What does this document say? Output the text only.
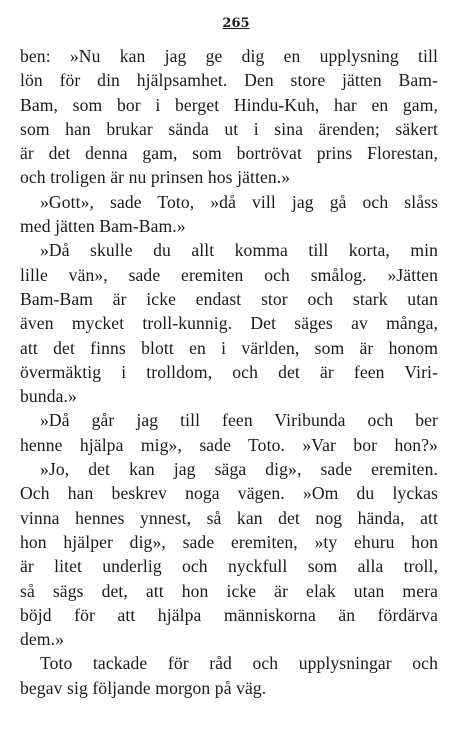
265
ben: »Nu kan jag ge dig en upplysning till
lön för din hjälpsamhet. Den store jätten Bam-
Bam, som bor i berget Hindu-Kuh, har en gam,
som han brukar sända ut i sina ärenden; säkert
är det denna gam, som bortrövat prins Florestan,
och troligen är nu prinsen hos jätten.»
»Gott», sade Toto, »då vill jag gå och slåss
med jätten Bam-Bam.»
»Då skulle du allt komma till korta, min
lille vän», sade eremiten och smålog. »Jätten
Bam-Bam är icke endast stor och stark utan
även mycket troll-kunnig. Det säges av många,
att det finns blott en i världen, som är honom
övermäktig i trolldom, och det är feen Viri-
bunda.»
»Då går jag till feen Viribunda och ber
henne hjälpa mig», sade Toto. »Var bor hon?»
»Jo, det kan jag säga dig», sade eremiten.
Och han beskrev noga vägen. »Om du lyckas
vinna hennes ynnest, så kan det nog hända, att
hon hjälper dig», sade eremiten, »ty ehuru hon
är litet underlig och nyckfull som alla troll,
så sägs det, att hon icke är elak utan mera
böjd för att hjälpa människorna än fördärva
dem.»
Toto tackade för råd och upplysningar och
begav sig följande morgon på väg.
